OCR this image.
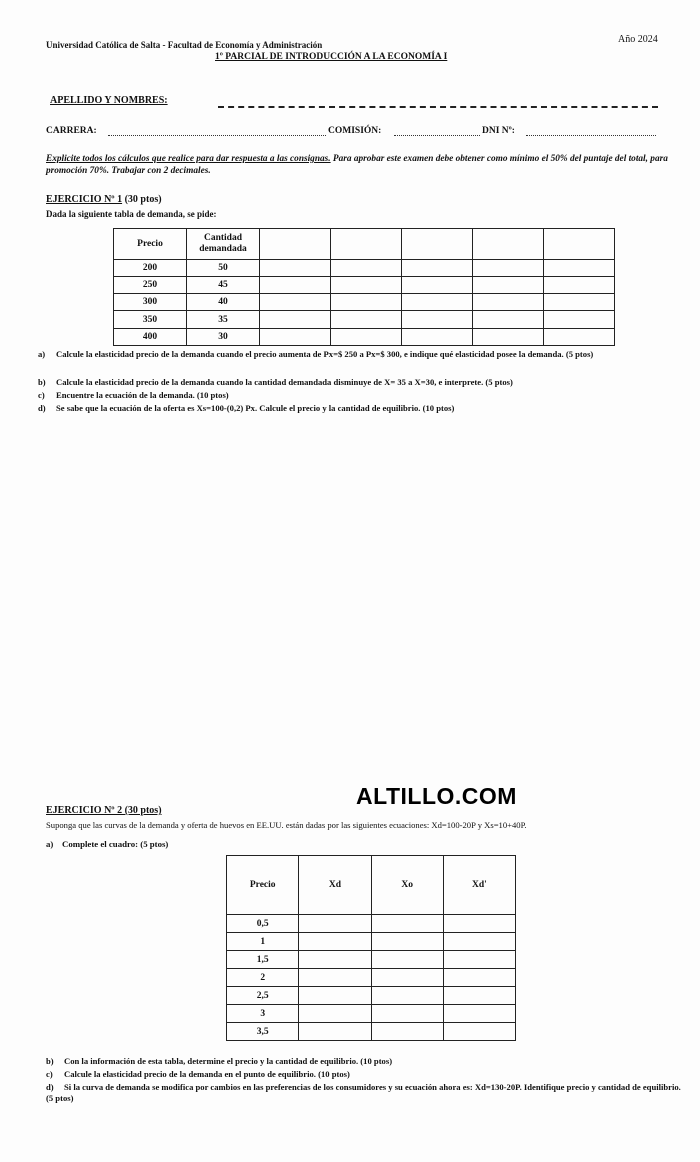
Universidad Católica de Salta - Facultad de Economía y Administración	Año 2024
1º PARCIAL DE INTRODUCCIÓN A LA ECONOMÍA I
APELLIDO Y NOMBRES:
CARRERA:	COMISIÓN:	DNI Nº:
Explicite todos los cálculos que realice para dar respuesta a las consignas. Para aprobar este examen debe obtener como mínimo el 50% del puntaje del total, para promoción 70%. Trabajar con 2 decimales.
EJERCICIO Nº 1 (30 ptos)
Dada la siguiente tabla de demanda, se pide:
Precio	Cantidad demandada					
200	50					
250	45					
300	40					
350	35					
400	30					
a) Calcule la elasticidad precio de la demanda cuando el precio aumenta de Px=$ 250 a Px=$ 300, e indique qué elasticidad posee la demanda. (5 ptos)
b) Calcule la elasticidad precio de la demanda cuando la cantidad demandada disminuye de X= 35 a X=30, e interprete. (5 ptos)
c) Encuentre la ecuación de la demanda. (10 ptos)
d) Se sabe que la ecuación de la oferta es Xs=100-(0,2) Px. Calcule el precio y la cantidad de equilibrio. (10 ptos)
ALTILLO.COM
EJERCICIO Nº 2 (30 ptos)
Suponga que las curvas de la demanda y oferta de huevos en EE.UU. están dadas por las siguientes ecuaciones: Xd=100-20P y Xs=10+40P.
a) Complete el cuadro: (5 ptos)
Precio	Xd	Xo	Xd'
0,5			
1			
1,5			
2			
2,5			
3			
3,5			
b) Con la información de esta tabla, determine el precio y la cantidad de equilibrio. (10 ptos)
c) Calcule la elasticidad precio de la demanda en el punto de equilibrio. (10 ptos)
d) Si la curva de demanda se modifica por cambios en las preferencias de los consumidores y su ecuación ahora es: Xd=130-20P. Identifique precio y cantidad de equilibrio. (5 ptos)
